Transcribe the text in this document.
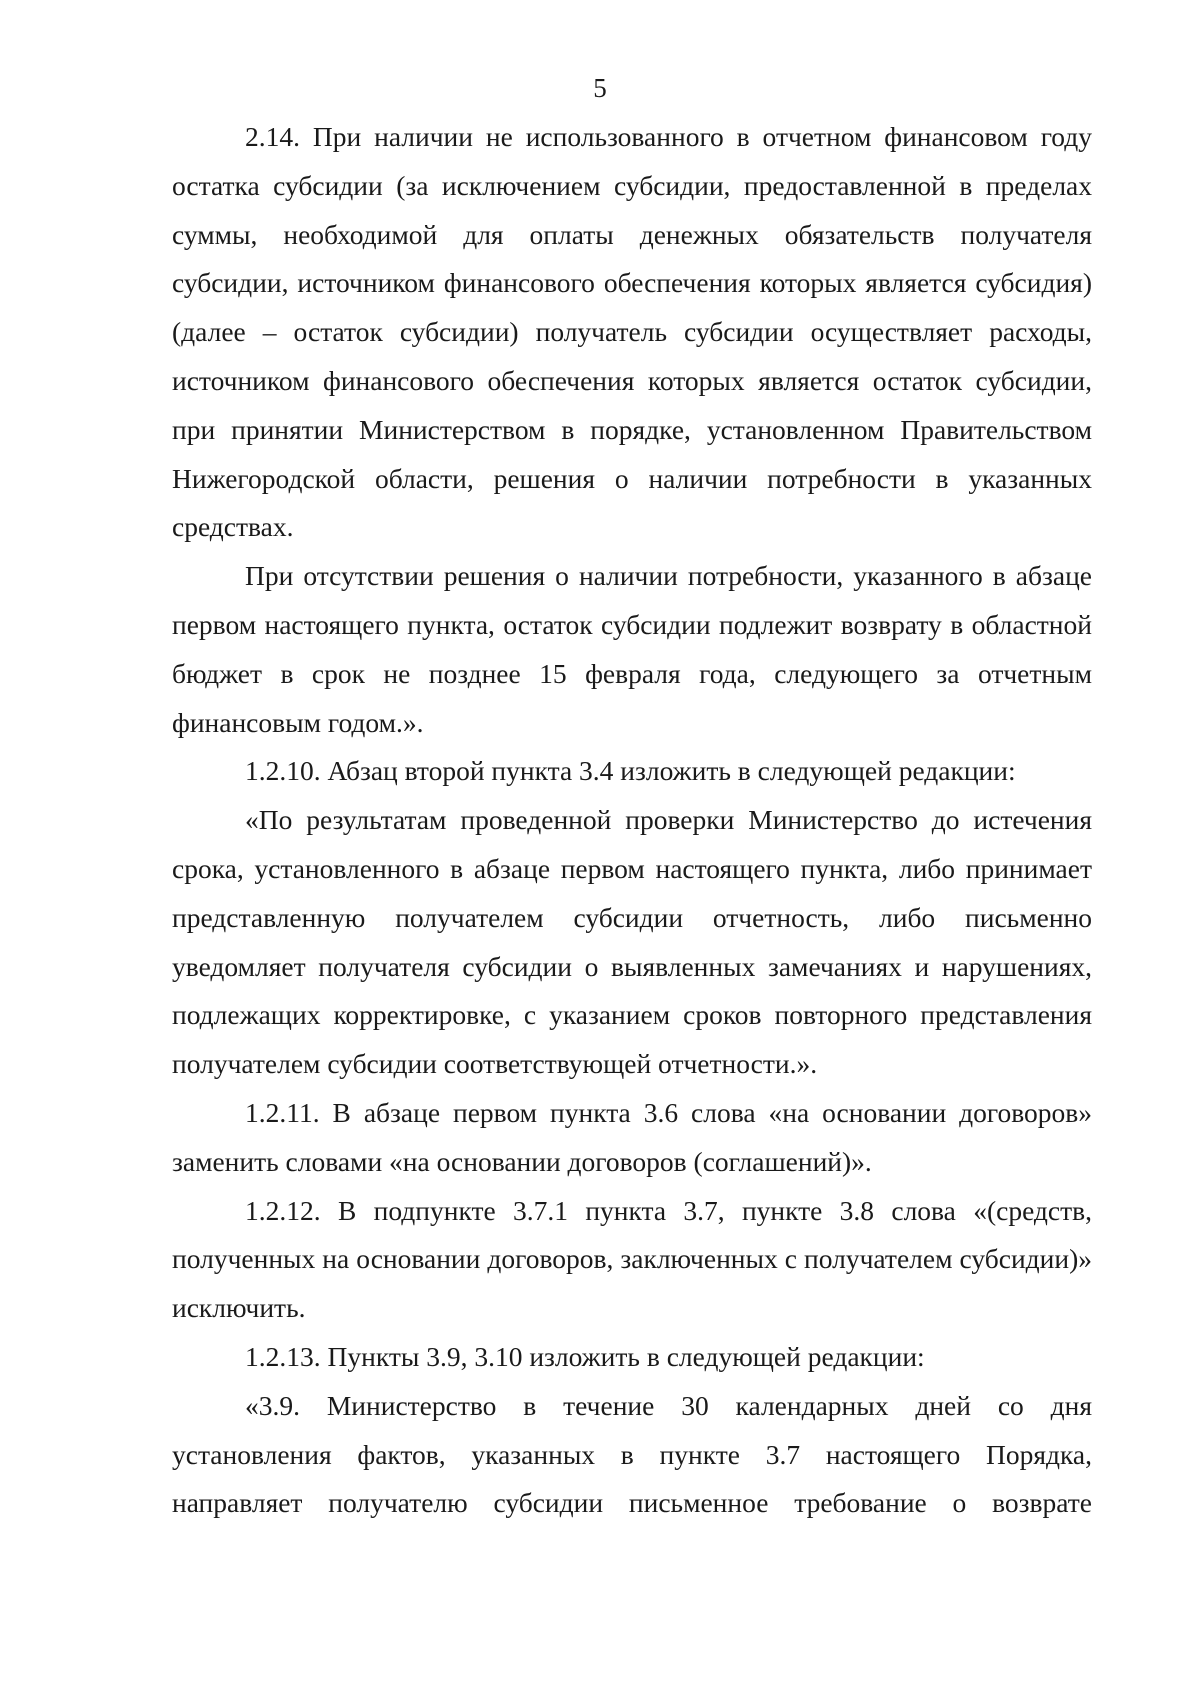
5

2.14. При наличии не использованного в отчетном финансовом году остатка субсидии (за исключением субсидии, предоставленной в пределах суммы, необходимой для оплаты денежных обязательств получателя субсидии, источником финансового обеспечения которых является субсидия) (далее – остаток субсидии) получатель субсидии осуществляет расходы, источником финансового обеспечения которых является остаток субсидии, при принятии Министерством в порядке, установленном Правительством Нижегородской области, решения о наличии потребности в указанных средствах.

При отсутствии решения о наличии потребности, указанного в абзаце первом настоящего пункта, остаток субсидии подлежит возврату в областной бюджет в срок не позднее 15 февраля года, следующего за отчетным финансовым годом.».

1.2.10. Абзац второй пункта 3.4 изложить в следующей редакции:

«По результатам проведенной проверки Министерство до истечения срока, установленного в абзаце первом настоящего пункта, либо принимает представленную получателем субсидии отчетность, либо письменно уведомляет получателя субсидии о выявленных замечаниях и нарушениях, подлежащих корректировке, с указанием сроков повторного представления получателем субсидии соответствующей отчетности.».

1.2.11. В абзаце первом пункта 3.6 слова «на основании договоров» заменить словами «на основании договоров (соглашений)».

1.2.12. В подпункте 3.7.1 пункта 3.7, пункте 3.8 слова «(средств, полученных на основании договоров, заключенных с получателем субсидии)» исключить.

1.2.13. Пункты 3.9, 3.10 изложить в следующей редакции:

«3.9. Министерство в течение 30 календарных дней со дня установления фактов, указанных в пункте 3.7 настоящего Порядка, направляет получателю субсидии письменное требование о возврате
